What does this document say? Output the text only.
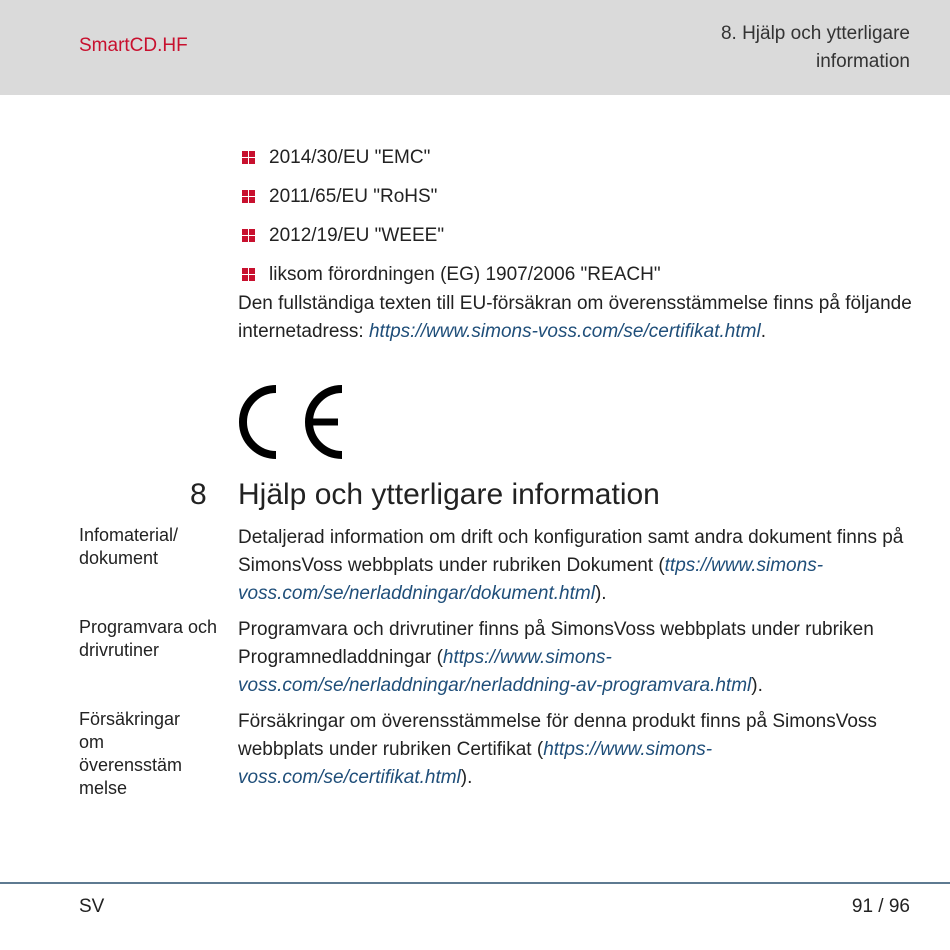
SmartCD.HF
8. Hjälp och ytterligare
information
2014/30/EU "EMC"
2011/65/EU "RoHS"
2012/19/EU "WEEE"
liksom förordningen (EG) 1907/2006 "REACH"
Den fullständiga texten till EU-försäkran om överensstämmelse finns på följande internetadress: https://www.simons-voss.com/se/certifikat.html.
8 Hjälp och ytterligare information
Infomaterial/ dokument
Detaljerad information om drift och konfiguration samt andra dokument finns på SimonsVoss webbplats under rubriken Dokument (ttps://www.simons-voss.com/se/nerladdningar/dokument.html).
Programvara och drivrutiner
Programvara och drivrutiner finns på SimonsVoss webbplats under rubriken Programnedladdningar (https://www.simons-voss.com/se/nerladdningar/nerladdning-av-programvara.html).
Försäkringar om överensstäm melse
Försäkringar om överensstämmelse för denna produkt finns på SimonsVoss webbplats under rubriken Certifikat (https://www.simons-voss.com/se/certifikat.html).
SV	91 / 96
